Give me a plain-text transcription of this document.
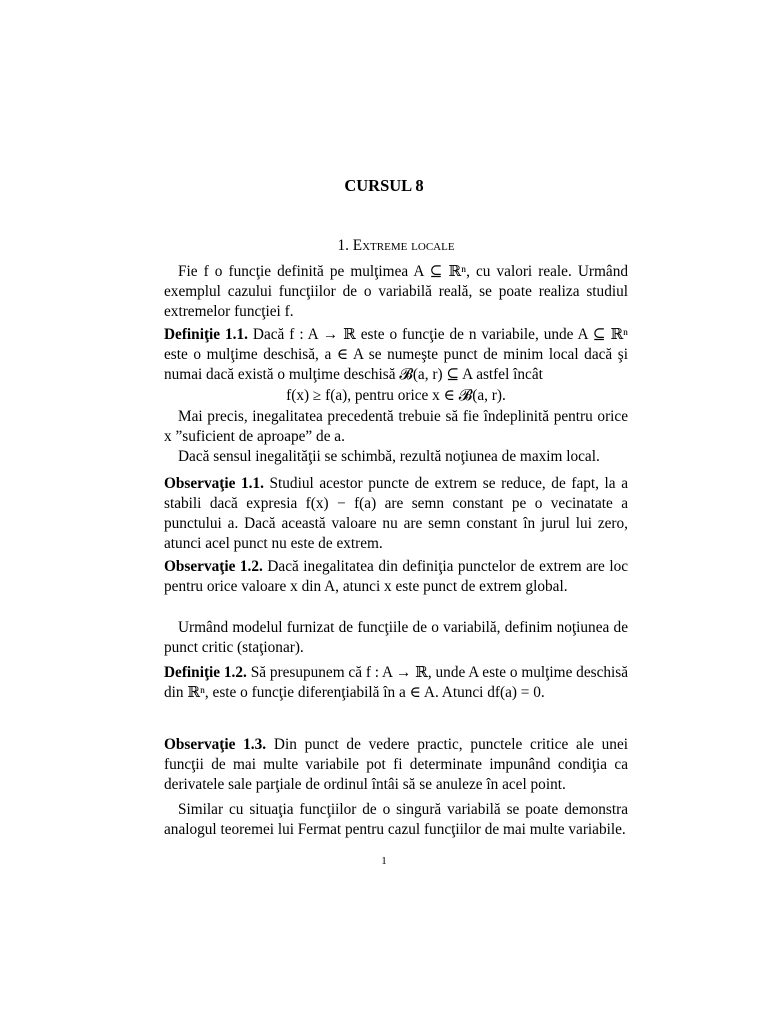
CURSUL 8
1. Extreme locale

Fie f o funcţie definită pe mulţimea A ⊆ ℝⁿ, cu valori reale. Urmând exemplul cazului funcţiilor de o variabilă reală, se poate realiza studiul extremelor funcţiei f.

Definiţie 1.1. Dacă f : A → ℝ este o funcţie de n variabile, unde A ⊆ ℝⁿ este o mulţime deschisă, a ∈ A se numeşte punct de minim local dacă şi numai dacă există o mulţime deschisă 𝓑(a, r) ⊆ A astfel încât

f(x) ≥ f(a), pentru orice x ∈ 𝓑(a, r).

Mai precis, inegalitatea precedentă trebuie să fie îndeplinită pentru orice x ”suficient de aproape” de a.

Dacă sensul inegalităţii se schimbă, rezultă noţiunea de maxim local.

Observaţie 1.1. Studiul acestor puncte de extrem se reduce, de fapt, la a stabili dacă expresia f(x) − f(a) are semn constant pe o vecinatate a punctului a. Dacă această valoare nu are semn constant în jurul lui zero, atunci acel punct nu este de extrem.

Observaţie 1.2. Dacă inegalitatea din definiţia punctelor de extrem are loc pentru orice valoare x din A, atunci x este punct de extrem global.

Urmând modelul furnizat de funcţiile de o variabilă, definim noţiunea de punct critic (staţionar).

Definiţie 1.2. Să presupunem că f : A → ℝ, unde A este o mulţime deschisă din ℝⁿ, este o funcţie diferenţiabilă în a ∈ A. Atunci df(a) = 0.

Observaţie 1.3. Din punct de vedere practic, punctele critice ale unei funcţii de mai multe variabile pot fi determinate impunând condiţia ca derivatele sale parţiale de ordinul întâi să se anuleze în acel point.

Similar cu situaţia funcţiilor de o singură variabilă se poate demonstra analogul teoremei lui Fermat pentru cazul funcţiilor de mai multe variabile.

1
